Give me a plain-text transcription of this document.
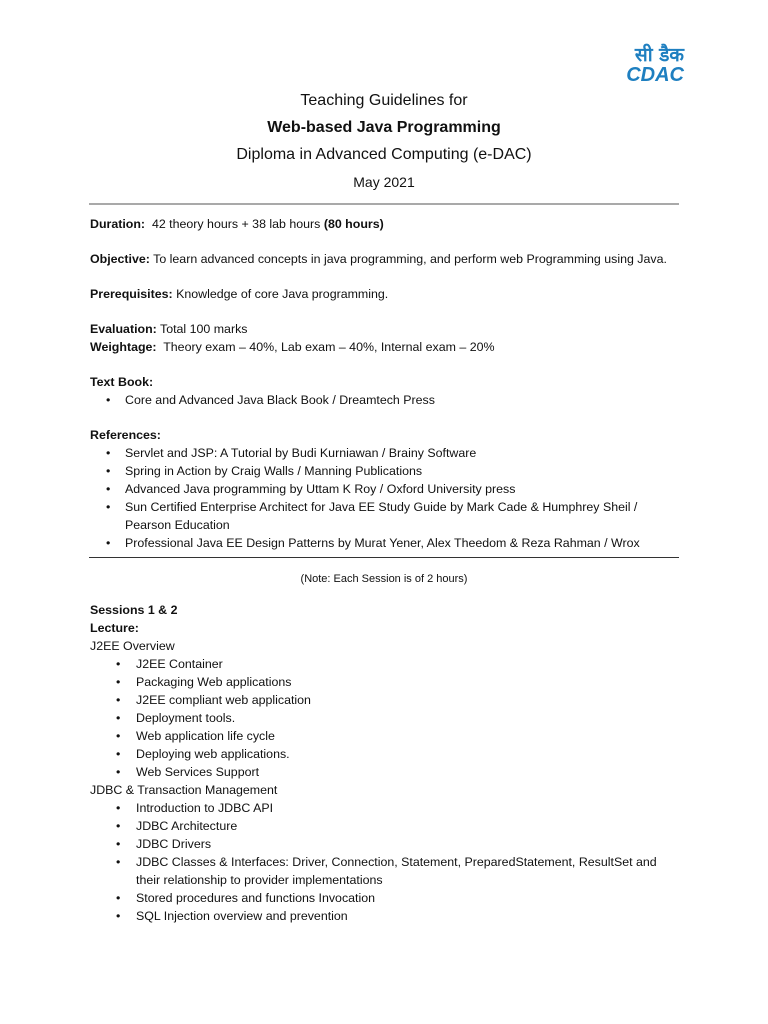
सी डैक
CDAC
Teaching Guidelines for
Web-based Java Programming
Diploma in Advanced Computing (e-DAC)
May 2021
Duration: 42 theory hours + 38 lab hours (80 hours)
Objective: To learn advanced concepts in java programming, and perform web Programming using Java.
Prerequisites: Knowledge of core Java programming.
Evaluation: Total 100 marks
Weightage: Theory exam – 40%, Lab exam – 40%, Internal exam – 20%
Text Book:
• Core and Advanced Java Black Book / Dreamtech Press
References:
• Servlet and JSP: A Tutorial by Budi Kurniawan / Brainy Software
• Spring in Action by Craig Walls / Manning Publications
• Advanced Java programming by Uttam K Roy / Oxford University press
• Sun Certified Enterprise Architect for Java EE Study Guide by Mark Cade & Humphrey Sheil /
Pearson Education
• Professional Java EE Design Patterns by Murat Yener, Alex Theedom & Reza Rahman / Wrox
(Note: Each Session is of 2 hours)
Sessions 1 & 2
Lecture:
J2EE Overview
• J2EE Container
• Packaging Web applications
• J2EE compliant web application
• Deployment tools.
• Web application life cycle
• Deploying web applications.
• Web Services Support
JDBC & Transaction Management
• Introduction to JDBC API
• JDBC Architecture
• JDBC Drivers
• JDBC Classes & Interfaces: Driver, Connection, Statement, PreparedStatement, ResultSet and
their relationship to provider implementations
• Stored procedures and functions Invocation
• SQL Injection overview and prevention
